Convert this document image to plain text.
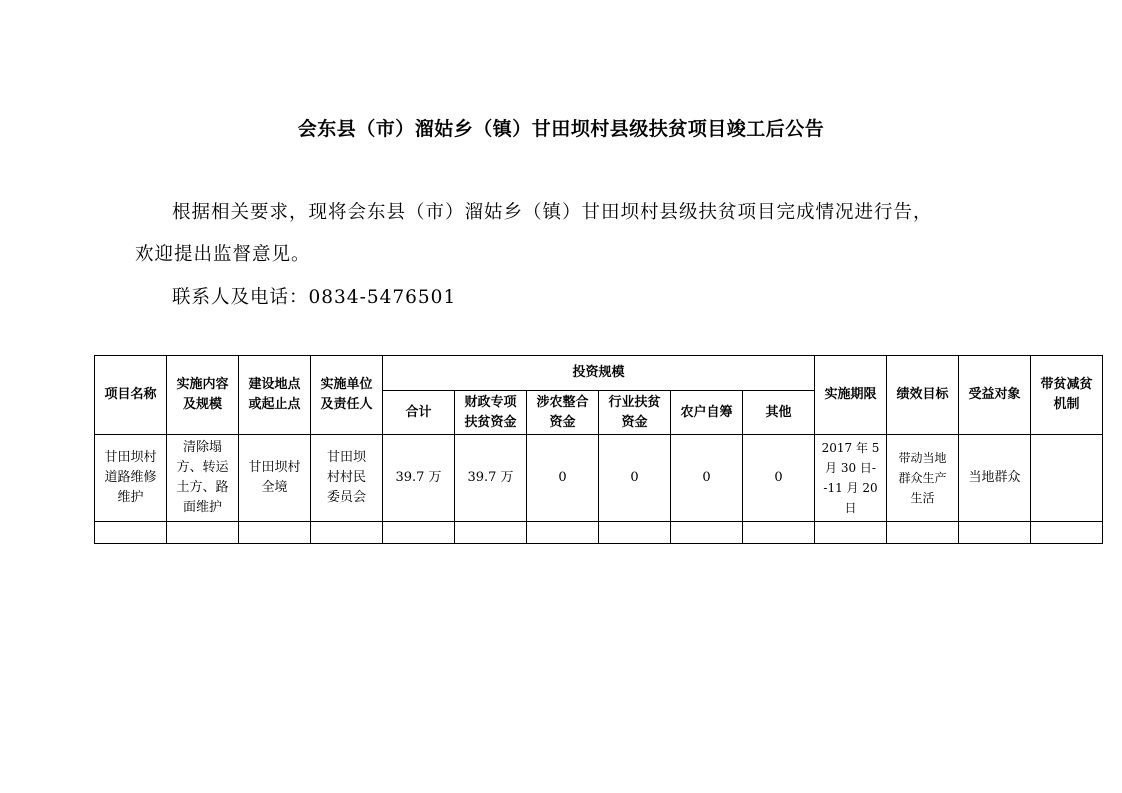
会东县（市）溜姑乡（镇）甘田坝村县级扶贫项目竣工后公告
根据相关要求，现将会东县（市）溜姑乡（镇）甘田坝村县级扶贫项目完成情况进行告，
欢迎提出监督意见。
联系人及电话：0834-5476501
项目名称	实施内容及规模	建设地点或起止点	实施单位及责任人	投资规模						实施期限	绩效目标	受益对象	带贫减贫机制

				合计	财政专项扶贫资金	涉农整合资金	行业扶贫资金	农户自筹	其他				

甘田坝村道路维修维护	清除塌方、转运土方、路面维护	甘田坝村全境	甘田坝村村民委员会	39.7 万	39.7 万	0	0	0	0	2017 年 5 月 30 日--11 月 20 日	带动当地群众生产生活	当地群众	
